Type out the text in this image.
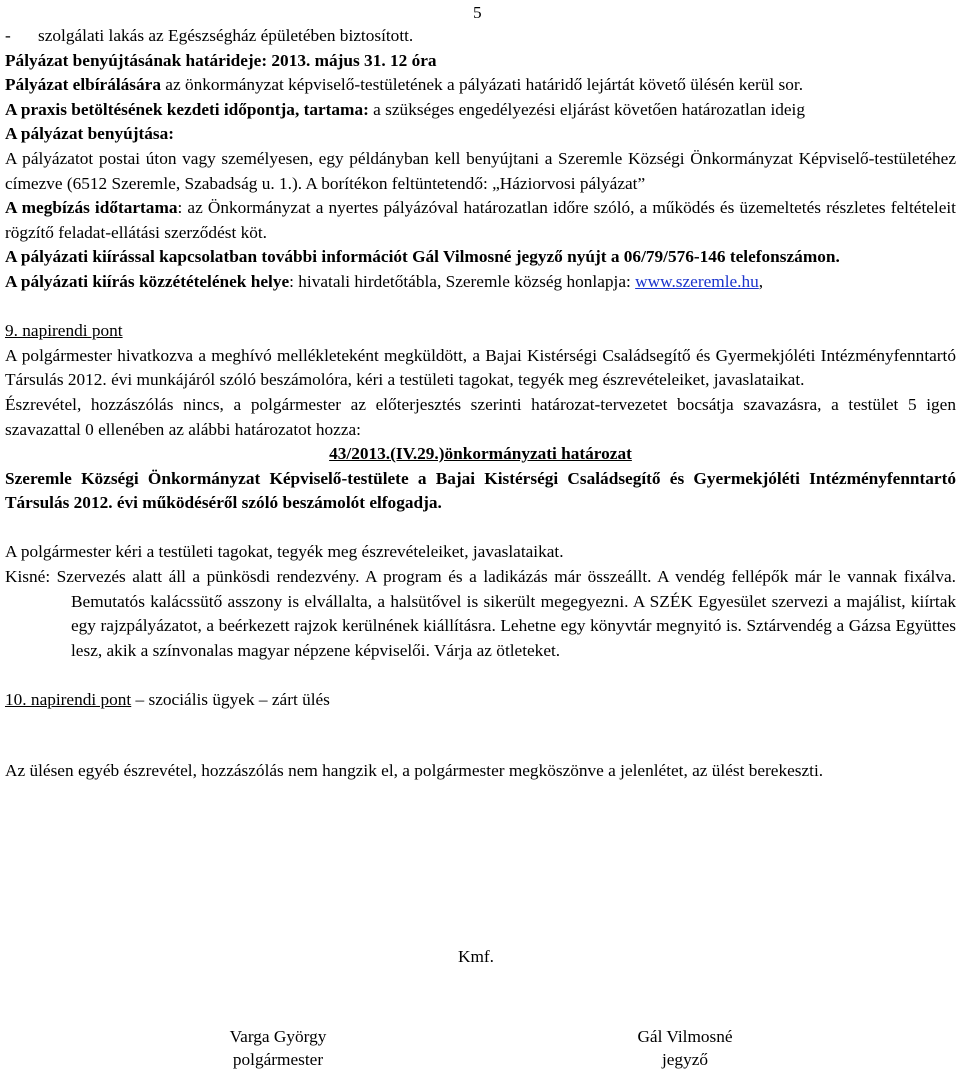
5

- szolgálati lakás az Egészségház épületében biztosított.

Pályázat benyújtásának határideje: 2013. május 31. 12 óra

Pályázat elbírálására az önkormányzat képviselő-testületének a pályázati határidő lejártát követő ülésén kerül sor.

A praxis betöltésének kezdeti időpontja, tartama: a szükséges engedélyezési eljárást követően határozatlan ideig

A pályázat benyújtása:

A pályázatot postai úton vagy személyesen, egy példányban kell benyújtani a Szeremle Községi Önkormányzat Képviselő-testületéhez címezve (6512 Szeremle, Szabadság u. 1.). A borítékon feltüntetendő: „Háziorvosi pályázat”

A megbízás időtartama: az Önkormányzat a nyertes pályázóval határozatlan időre szóló, a működés és üzemeltetés részletes feltételeit rögzítő feladat-ellátási szerződést köt.

A pályázati kiírással kapcsolatban további információt Gál Vilmosné jegyző nyújt a 06/79/576-146 telefonszámon.

A pályázati kiírás közzétételének helye: hivatali hirdetőtábla, Szeremle község honlapja: www.szeremle.hu,

9. napirendi pont

A polgármester hivatkozva a meghívó mellékleteként megküldött, a Bajai Kistérségi Családsegítő és Gyermekjóléti Intézményfenntartó Társulás 2012. évi munkájáról szóló beszámolóra, kéri a testületi tagokat, tegyék meg észrevételeiket, javaslataikat.

Észrevétel, hozzászólás nincs, a polgármester az előterjesztés szerinti határozat-tervezetet bocsátja szavazásra, a testület 5 igen szavazattal 0 ellenében az alábbi határozatot hozza:

43/2013.(IV.29.)önkormányzati határozat

Szeremle Községi Önkormányzat Képviselő-testülete a Bajai Kistérségi Családsegítő és Gyermekjóléti Intézményfenntartó Társulás 2012. évi működéséről szóló beszámolót elfogadja.

A polgármester kéri a testületi tagokat, tegyék meg észrevételeiket, javaslataikat.

Kisné: Szervezés alatt áll a pünkösdi rendezvény. A program és a ladikázás már összeállt. A vendég fellépők már le vannak fixálva. Bemutatós kalácssütő asszony is elvállalta, a halsütővel is sikerült megegyezni. A SZÉK Egyesület szervezi a majálist, kiírtak egy rajzpályázatot, a beérkezett rajzok kerülnének kiállításra. Lehetne egy könyvtár megnyitó is. Sztárvendég a Gázsa Együttes lesz, akik a színvonalas magyar népzene képviselői. Várja az ötleteket.

10. napirendi pont – szociális ügyek – zárt ülés

Az ülésen egyéb észrevétel, hozzászólás nem hangzik el, a polgármester megköszönve a jelenlétet, az ülést berekeszti.

Kmf.
Varga György
polgármester
Gál Vilmosné
jegyző
